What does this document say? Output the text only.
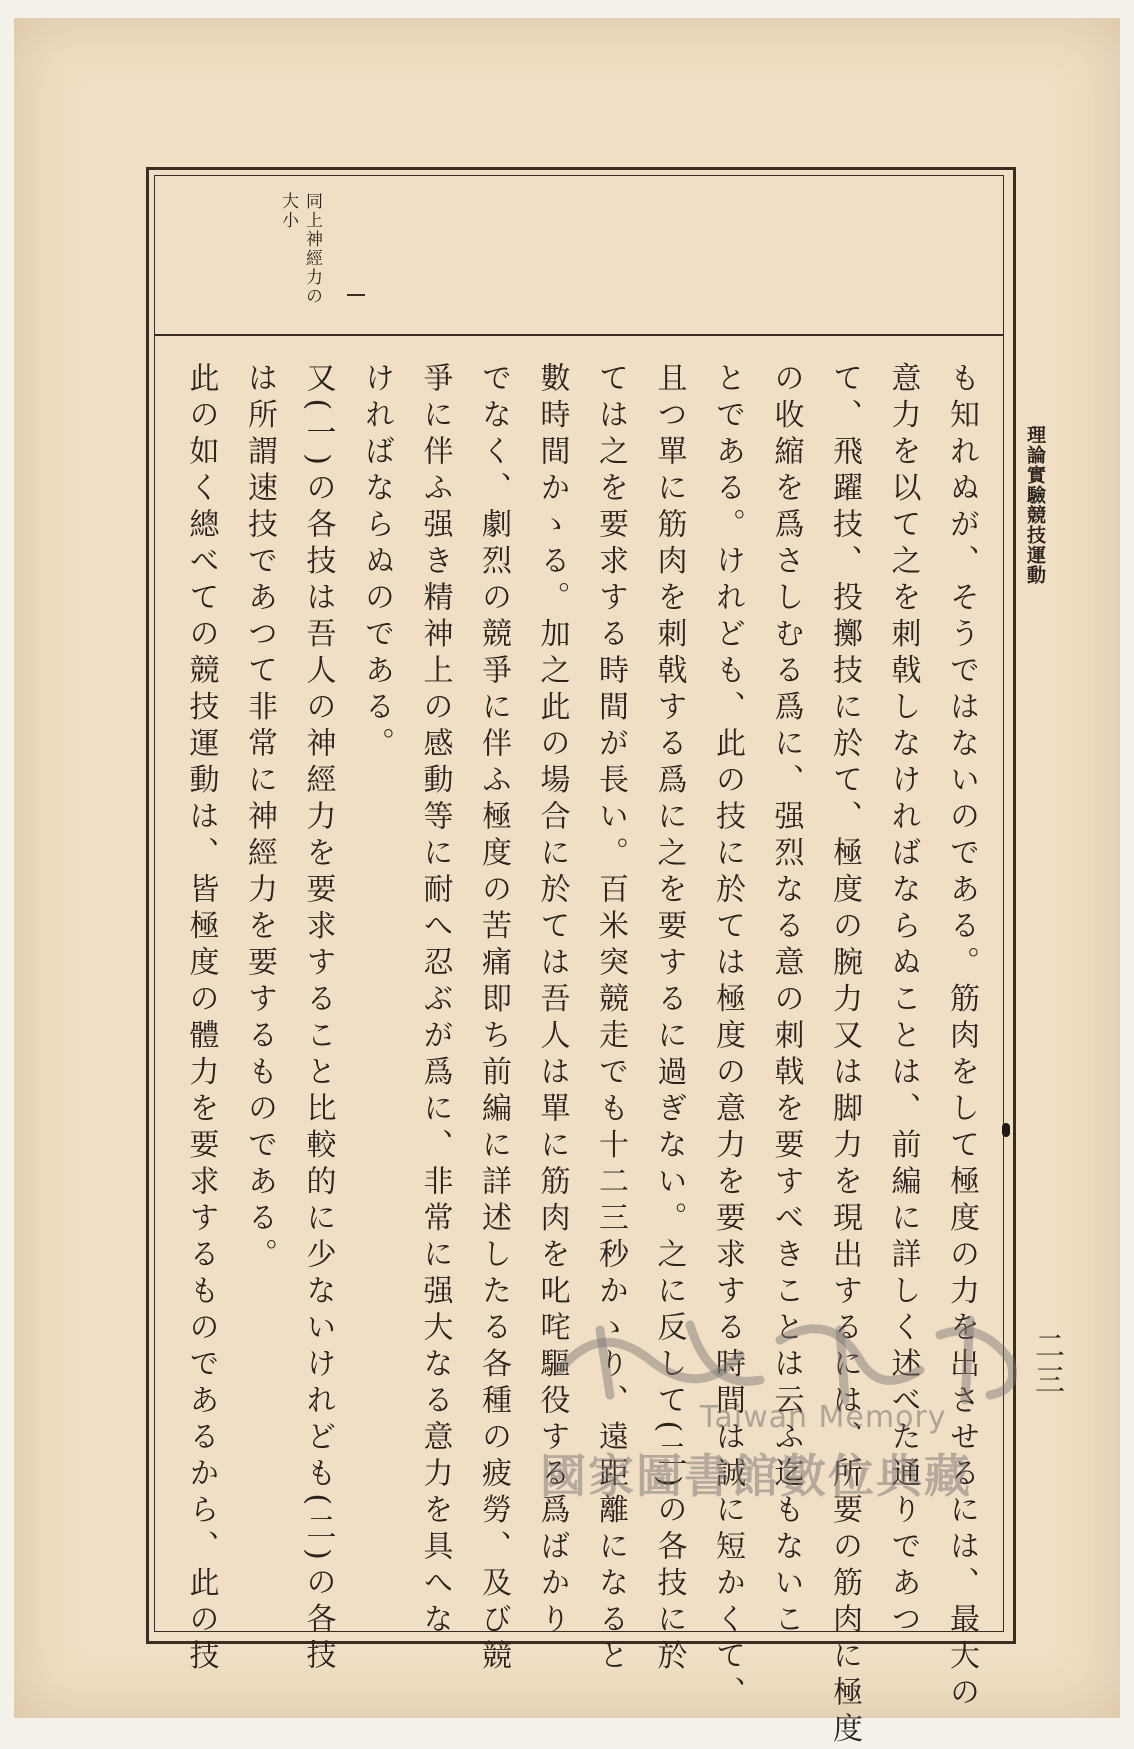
理論實驗競技運動
二三
同上神經力の
大小
も知れぬが、そうではないのである。筋肉をして極度の力を出させるには、最大の
意力を以て之を刺戟しなければならぬことは、前編に詳しく述べた通りであつ
て、飛躍技、投擲技に於て、極度の腕力又は脚力を現出するには、所要の筋肉に極度
の收縮を爲さしむる爲に、强烈なる意の刺戟を要すべきことは云ふ迄もないこ
とである。けれども、此の技に於ては極度の意力を要求する時間は誠に短かくて、
且つ單に筋肉を刺戟する爲に之を要するに過ぎない。之に反して(二)の各技に於
ては之を要求する時間が長い。百米突競走でも十二三秒かゝり、遠距離になると
數時間かゝる。加之此の場合に於ては吾人は單に筋肉を叱咤驅役する爲ばかり
でなく、劇烈の競爭に伴ふ極度の苦痛即ち前編に詳述したる各種の疲勞、及び競
爭に伴ふ强き精神上の感動等に耐へ忍ぶが爲に、非常に强大なる意力を具へな
ければならぬのである。
又(一)の各技は吾人の神經力を要求すること比較的に少ないけれども(二)の各技
は所謂速技であつて非常に神經力を要するものである。
此の如く總べての競技運動は、皆極度の體力を要求するものであるから、此の技	Taiwan Memory
國家圖書館數位典藏
